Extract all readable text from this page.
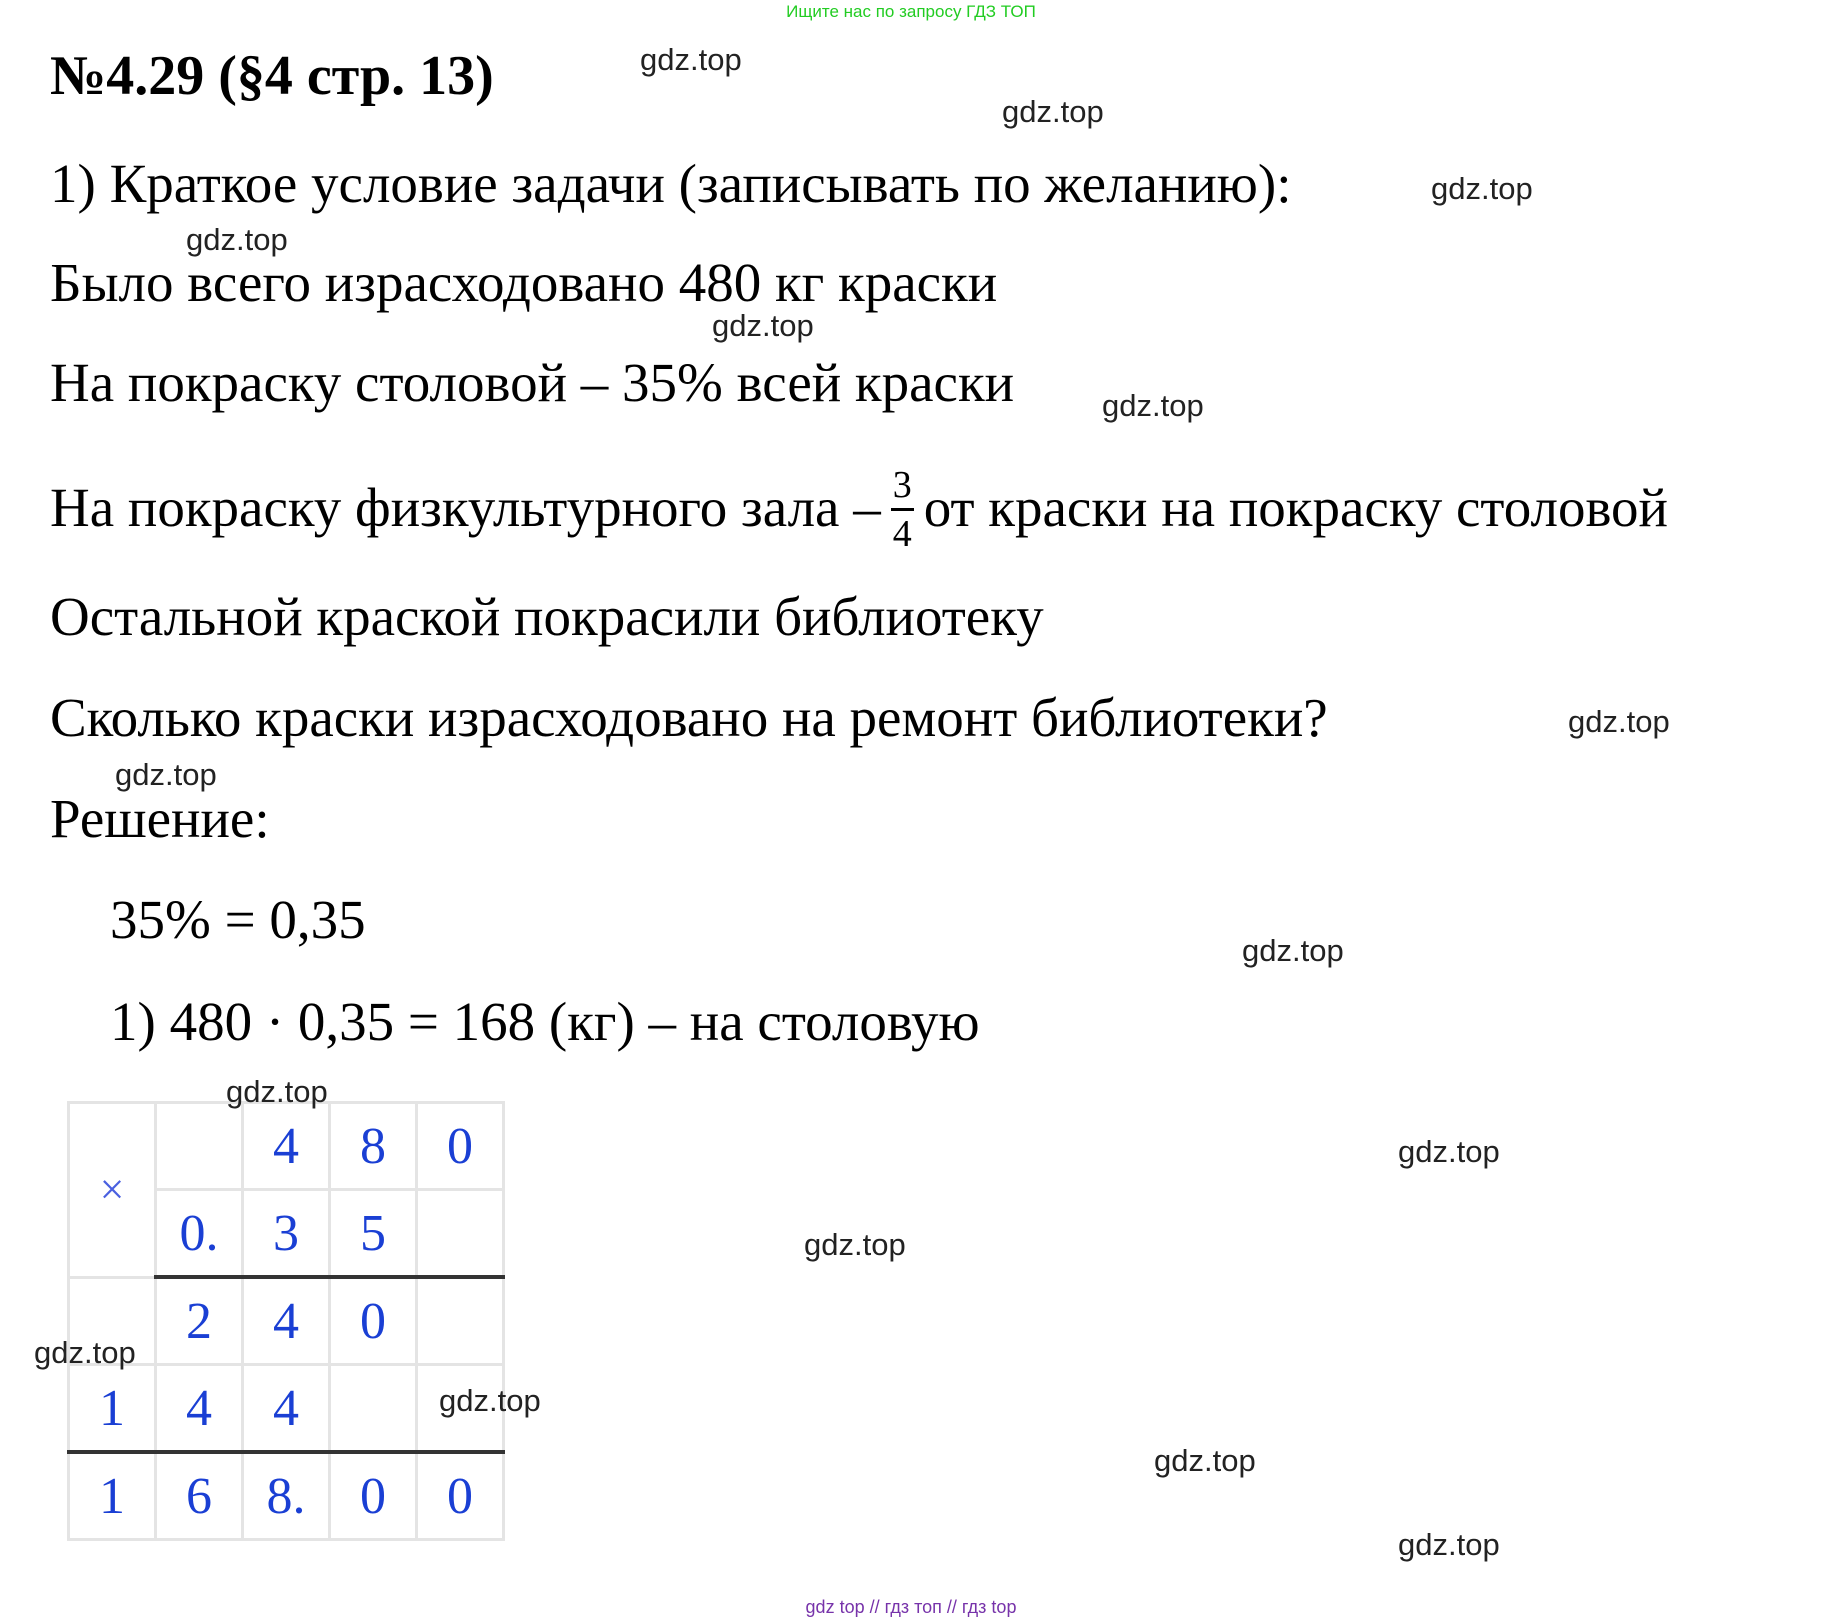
Ищите нас по запросу ГДЗ ТОП
№4.29 (§4 стр. 13)
1) Краткое условие задачи (записывать по желанию):
Было всего израсходовано 480 кг краски
На покраску столовой – 35% всей краски
На покраску физкультурного зала – $\frac{3}{4}$ от краски на покраску столовой
Остальной краской покрасили библиотеку
Сколько краски израсходовано на ремонт библиотеки?
Решение:
35% = 0,35
1) 480 · 0,35 = 168 (кг) – на столовую
×		4	8	0
	0.	3	5	
	2	4	0	
1	4	4		
1	6	8.	0	0
gdz.top
gdz.top
gdz.top
gdz.top
gdz.top
gdz.top
gdz.top
gdz.top
gdz.top
gdz.top
gdz.top
gdz.top
gdz.top
gdz.top
gdz.top
gdz.top
gdz top // гдз топ // гдз top
